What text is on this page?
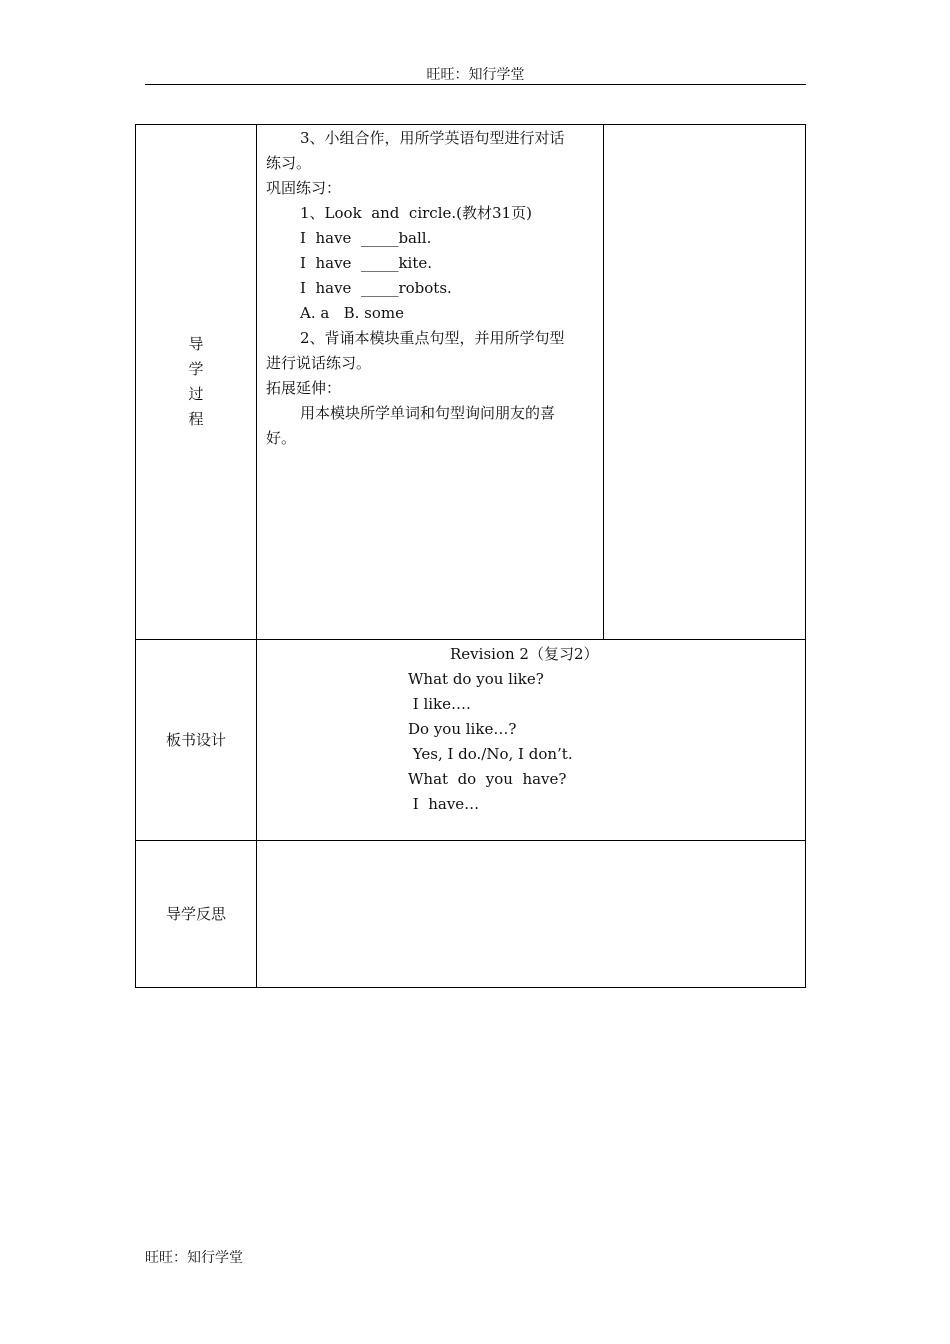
旺旺：知行学堂
导
学
过
程
3、小组合作，用所学英语句型进行对话
练习。
巩固练习：
1、Look  and  circle.(教材31页)
I  have  _____ball.
I  have  _____kite.
I  have  _____robots.
A. a   B. some
2、背诵本模块重点句型，并用所学句型
进行说话练习。
拓展延伸：
用本模块所学单词和句型询问朋友的喜
好。
板书设计
Revision 2（复习2）
What do you like?
I like….
Do you like…?
Yes, I do./No, I don’t.
What  do  you  have?
I  have…
导学反思
旺旺：知行学堂
